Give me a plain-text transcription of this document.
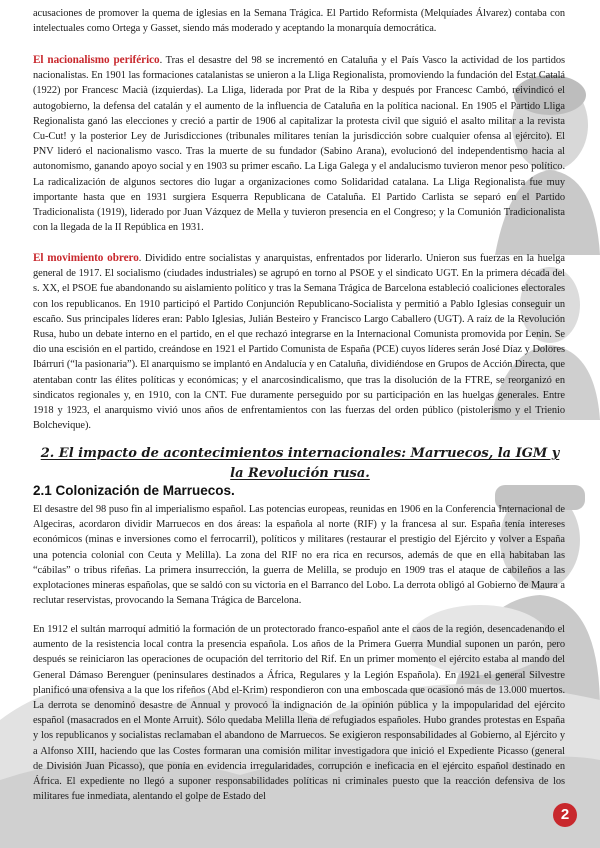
acusaciones de promover la quema de iglesias en la Semana Trágica. El Partido Reformista (Melquíades Álvarez) contaba con intelectuales como Ortega y Gasset, siendo más moderado y aceptando la monarquía democrática.

El nacionalismo periférico. Tras el desastre del 98 se incrementó en Cataluña y el País Vasco la actividad de los partidos nacionalistas. En 1901 las formaciones catalanistas se unieron a la Lliga Regionalista, promoviendo la fundación del Estat Catalá (1922) por Francesc Macià (izquierdas). La Lliga, liderada por Prat de la Riba y después por Francesc Cambó, reivindicó el autogobierno, la defensa del catalán y el aumento de la influencia de Cataluña en la política nacional. En 1905 el Partido Lliga Regionalista ganó las elecciones y creció a partir de 1906 al capitalizar la protesta civil que siguió el asalto militar a la revista Cu-Cut! y la posterior Ley de Jurisdicciones (tribunales militares tenían la jurisdicción sobre cualquier ofensa al ejército). El PNV lideró el nacionalismo vasco. Tras la muerte de su fundador (Sabino Arana), evolucionó del independentismo hacia al autonomismo, ganando apoyo social y en 1903 su primer escaño. La Liga Galega y el andalucismo tuvieron menor peso político. La radicalización de algunos sectores dio lugar a organizaciones como Solidaridad catalana. La Lliga Regionalista fue muy importante hasta que en 1931 surgiera Esquerra Republicana de Cataluña. El Partido Carlista se separó en el Partido Tradicionalista (1919), liderado por Juan Vázquez de Mella y tuvieron presencia en el Congreso; y la Comunión Tradicionalista con la llegada de la II República en 1931.

El movimiento obrero. Dividido entre socialistas y anarquistas, enfrentados por liderarlo. Unieron sus fuerzas en la huelga general de 1917. El socialismo (ciudades industriales) se agrupó en torno al PSOE y el sindicato UGT. En la primera década del s. XX, el PSOE fue abandonando su aislamiento político y tras la Semana Trágica de Barcelona estableció coaliciones electorales con los republicanos. En 1910 participó el Partido Conjunción Republicano-Socialista y permitió a Pablo Iglesias conseguir un escaño. Sus principales líderes eran: Pablo Iglesias, Julián Besteiro y Francisco Largo Caballero (UGT). A raíz de la Revolución Rusa, hubo un debate interno en el partido, en el que rechazó integrarse en la Internacional Comunista promovida por Lenin. Se dio una escisión en el partido, creándose en 1921 el Partido Comunista de España (PCE) cuyos líderes serán José Díaz y Dolores Ibárruri (“la pasionaria”). El anarquismo se implantó en Andalucía y en Cataluña, dividiéndose en Grupos de Acción Directa, que atentaban contr las élites políticas y económicas; y el anarcosindicalismo, que tras la disolución de la FTRE, se reorganizó en sindicatos regionales y, en 1910, con la CNT. Fue duramente perseguido por su participación en las huelgas generales. Entre 1918 y 1923, el anarquismo vivió unos años de enfrentamientos con las fuerzas del orden público (pistolerismo y el Trienio Bolchevique).

2. El impacto de acontecimientos internacionales: Marruecos, la IGM y la Revolución rusa.
2.1 Colonización de Marruecos.

El desastre del 98 puso fin al imperialismo español. Las potencias europeas, reunidas en 1906 en la Conferencia Internacional de Algeciras, acordaron dividir Marruecos en dos áreas: la española al norte (RIF) y la francesa al sur. España tenía intereses económicos (minas e inversiones como el ferrocarril), políticos y militares (restaurar el prestigio del Ejército y volver a España una potencia colonial con Ceuta y Melilla). La zona del RIF no era rica en recursos, además de que en ella habitaban las “cábilas” o tribus rifeñas. La primera insurrección, la guerra de Melilla, se produjo en 1909 tras el ataque de cabileños a las explotaciones mineras españolas, que se saldó con su victoria en el Barranco del Lobo. La derrota obligó al Gobierno de Maura a reclutar reservistas, provocando la Semana Trágica de Barcelona.

En 1912 el sultán marroquí admitió la formación de un protectorado franco-español ante el caos de la región, desencadenando el aumento de la resistencia local contra la presencia española. Los años de la Primera Guerra Mundial suponen un parón, pero después se reiniciaron las operaciones de ocupación del territorio del Rif. En un primer momento el ejército estaba al mando del General Dámaso Berenguer (peninsulares destinados a África, Regulares y la Legión Española). En 1921 el general Silvestre planificó una ofensiva a la que los rifeños (Abd el-Krim) respondieron con una emboscada que ocasionó más de 13.000 muertos. La derrota se denominó desastre de Annual y provocó la indignación de la opinión pública y la impopularidad del ejército español (masacrados en el Monte Arruit). Sólo quedaba Melilla llena de refugiados españoles. Hubo grandes protestas en España y los republicanos y socialistas reclamaban el abandono de Marruecos. Se exigieron responsabilidades al Gobierno, al Ejército y a Alfonso XIII, haciendo que las Costes formaran una comisión militar investigadora que inició el Expediente Picasso (general de División Juan Picasso), que ponía en evidencia irregularidades, corrupción e ineficacia en el ejército español destinado en África. El expediente no llegó a suponer responsabilidades políticas ni criminales puesto que la reacción defensiva de los militares fue inmediata, alentando el golpe de Estado del

2
